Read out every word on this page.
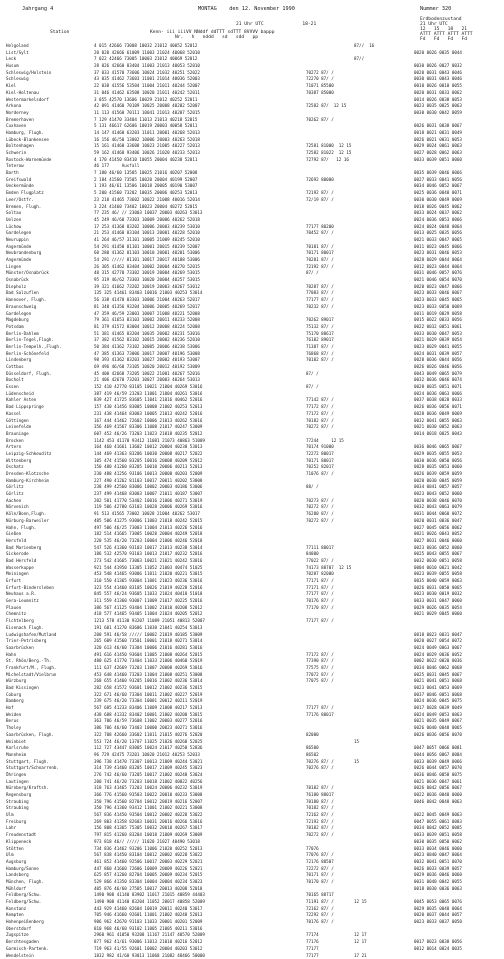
Jahrgang 4	MONTAG    den 12. November 1990	Nummer 320
Erdbodenzustand
21 Uhr UTC
21 Uhr UTC              18-21
12   15   18   21
Station	Kenn- iii iiiVV NNddf ddTTT sdTTT 8VVVV bappp
Nr.   h   nddd   sd   sdd   pp
ATTT ATTT ATTT ATTT
Fd   Fd   Fd   Fd
Helgoland	4 015 42666 73008 10032 21012 40052 52012	87//  16
List/Sylt	20 020 42666 61009 11003 21024 40068 52010	0020 0026 0035 0044
Leck	7 022 42466 73005 10003 21012 40069 52012	87//
Husum	28 026 42660 83404 11003 21013 40053 52010	0030 0026 0027 0032
Schleswig/Holstein	37 033 41570 73606 10024 21032 40251 52022	70272 87/ /	0020 0031 0043 0046
Schleswig	43 035 41462 73603 11001 21014 40036 52003	72270 87/ /	0030 0031 0043 0046
Kiel	22 038 41556 53504 11004 21011 40244 52007	71071 85500	0010 0026 0010 0055
Kiel-Holtenau	31 046 41462 63508 10020 21011 40242 52011	70387 85000	0020 0031 0033 0062
Westermarkelsdorf	3 055 42570 13606 10029 21012 40252 52011	0014 0026 0038 0053
Arkona	42 091 41460 70109 10025 20008 40202 52007	72582 87/  12 15	0023 0035 0025 0063
Norderney	11 113 41560 70111 10041 21013 40207 52015	0030 0030 0042 0059
Bremerhaven	7 129 41470 33404 11013 21013 40218 52015	70262 87/ /
Cuxhaven	5 131 46617 62606 10019 20003 40058 52011	0026 0031 0038 0067
Hamburg, Flugh.	14 147 41460 63203 11011 20001 40268 52013	0018 0021 0031 0049
Lübeck-Blankensee	16 156 46/50 13002 10006 20003 40263 52018	0026 0021 0031 0053
Boltenhagen	15 161 41460 33608 10023 21005 40227 52013	72581 81000  12 15	0029 0024 0061 0063
Schwerin	59 162 41468 93406 10026 21020 40233 52013	72582 81022  12 15	0027 0028 0062 0063
Rostock-Warnemünde	4 170 41450 83410 10055 20004 40238 52011	72792 87/   12 16	0033 0039 0051 0060
Teterow	46 177     Ausfall
Barth	7 180 46/60 13505 10025 21016 40207 52008	0035 0039 0046 0066
Greifswald	2 184 41560 73505 10020 20004 40199 52007	72692 80000	0027 0033 0041 0056
Ueckermünde	1 193 46/61 13506 10018 20005 40190 53007	0034 0046 0052 0067
Emden Flugplatz	5 200 41560 73202 10035 20006 40253 52013	72192 87/ /	0025 0036 0048 0071
Leer/Ostfr.	23 210 41465 73602 10022 21008 40016 52014	72/19 87/ /	0030 0030 0049 0069
Bremen, Flugh.	3 224 41460 73402 10023 20004 40272 52015	0018 0026 0045 0062
Soltau	77 235 46/ // 23003 10037 20003 40263 53013	0033 0024 0037 0062
Uelzen	45 249 46/60 73303 10009 20006 40262 52018	0024 0036 0053 0066
Lüchow	17 253 41360 83202 10006 20003 40239 53010	77177 80200	0024 0024 0048 0064
Gardelegen	21 253 41460 83104 10013 20001 40228 52010	70452 87/ /	0013 0025 0035 0056
Neuruppin	41 264 46/57 31101 10005 21009 40245 52010	0021 0033 0047 0065
Angermünde	54 291 41450 81101 10001 20015 40239 52007	70181 87/ /	0011 0023 0045 0066
Neubrandenburg	60 280 41362 81103 10010 20001 40201 53006	70171 80017	0023 0031 0046 0053
Angermünde	54 291 ///// 81101 10017 20017 40188 53006	70281 87/ /	0028 0029 0044 0064
Lingen	26 305 41462 83404 10002 20004 40270 52015	72192 87/ /	0012 0023 0044 0064
Münster/Osnabrück	48 315 42770 73302 10019 20004 40269 53015	87/ /	0031 0046 0057 0076
Osnabrück	95 319 46/62 73303 10020 20004 40257 53015	0021 0046 0054 0070
Diepholz	39 321 41662 73202 10019 20003 40267 53012	70287 87/ /	0020 0023 0047 0066
Bad Salzuflen	135 325 41461 83403 10016 21003 40253 53014	77083 87/ /	0023 0033 0046 0067
Hannover, Flugh.	56 338 41470 83303 10006 21004 40263 52017	77177 87/ /	0023 0033 0045 0065
Braunschweig	81 348 41356 93204 10006 20005 40269 52017	70232 87/ /	0023 0033 0050 0069
Gardelegen	47 359 46/59 23003 10007 21008 40221 52008	0011 0019 0029 0058
Magdeburg	79 361 41653 83103 10002 20011 40233 52008	70262 89017	0015 0022 0033 0056
Potsdam	81 379 41572 83004 10012 20008 40224 52008	75132 87/ /	0022 0032 0051 0061
Berlin-Dahlem	51 381 41465 83204 10035 20002 40231 53016	75170 88617	0033 0030 0047 0053
Berlin-Tegel,Flugh.	37 382 41562 83102 10015 20002 40236 52010	76182 89017	0021 0029 0039 0054
Berlin-Tempelh.,Flugh.	50 384 41362 73102 10005 20006 40238 53006	71387 87/ /	0023 0029 0041 0055
Berlin-Schönefeld	47 385 41363 73006 10017 20007 40196 53008	76868 87/ /	0024 0031 0039 0057
Lindenberg	98 393 41362 83203 10027 20002 40193 53007	70182 87/ /	0028 0036 0044 0056
Cottbus	69 496 46/60 73105 10020 20012 40192 53009	0026 0026 0046 0056
Düsseldorf, Flugh.	45 400 42668 73205 10022 21001 40267 52016	87/ /	0043 0049 0065 0079
Bocholt	21 406 42670 73203 10027 20003 40264 53013	0032 0036 0046 0074
Essen	152 410 42770 83105 10021 21004 40269 53016	87/ /	0028 0035 0051 0071
Lüdenscheid	387 419 46/59 23203 11001 21004 40261 53016	0024 0036 0063 0066
Kahler Asten	839 427 41725 83605 11041 21016 40462 52016	77142 87/ /	0037 0038 0028 0033
Bad Lippspringe	157 430 41456 83005 10008 21002 40253 52013	77172 87/ /	0026 0036 0056 0071
Kassel	231 438 41464 83003 10005 21013 40242 52016	77172 87/ /	0028 0036 0049 0069
Göttingen	167 444 41462 72602 10006 21013 40262 53016	70182 87/ /	0032 0041 0055 0063
Leinefelde	356 469 41567 83306 11008 21017 40247 53009	70272 87/ /	0021 0030 0052 0063
Brauniage	607 452 46/26 73203 11023 21018 40235 52012	0014 0018 0025 0043
Brocken	1142 453 41170 93412 11081 21073 40863 51009	77244     12 15
Artern	164 460 41661 13602 10012 20004 40238 53013	70174 91000	0036 0046 0065 0067
Leipzig-Schkeuditz	144 469 41363 83206 10030 20008 40217 52022	72272 80017	0029 0035 0055 0053
Wittenberg	105 474 41560 83205 10016 20008 40209 52012	70171 80017	0030 0036 0050 0056
Oschatz	150 480 41260 83205 10010 20006 40213 52013	70252 82017	0028 0035 0053 0060
Dresden-Klotzsche	230 488 41256 93106 10013 20008 40203 52009	71076 87/ /	0026 0039 0059 0059
Hamburg-Kirchheim	227 490 41262 81103 10017 20011 40202 53008	0020 0030 0045 0059
Görlitz	238 499 42560 83006 10002 20003 40186 53006	88/ /	0034 0041 0057 0057
Görlitz	237 499 41468 83003 10007 21011 40187 53007	0023 0043 0052 0060
Aachen	202 501 41770 53402 10016 21006 40271 53019	70273 87/ /	0020 0038 0046 0070
Nörvenich	119 506 42780 63103 10028 20006 40269 53016	70272 87/ /	0032 0043 0063 0079
Köln/Bonn,Flugh.	91 513 41565 73002 10028 21004 40262 53017	76280 87/ /	0031 0044 0060 0072
Nürburg-Barweiler	485 506 41275 93006 11003 21018 40242 52015	70272 87/ /	0020 0031 0036 0047
Hahn, Flugh.	497 506 46/25 73003 11004 21013 40226 52016	0027 0045 0056 0062
Gießen	182 514 41665 73005 10028 20004 40249 52018	0021 0026 0043 0052
Hersfeld	220 535 46/20 73203 10004 21006 40246 52018	0027 0031 0046 0060
Bad Marienberg	547 526 41360 93103 10017 21013 40238 53014	77111 88017	0023 0036 0052 0060
Sickerode	186 532 42570 93103 10013 21017 40232 52016	84000	0025 0043 0055 0067
Bad Hersfeld	273 542 41665 73003 10021 21021 40242 53016	77022 87/ /	0032 0030 0051 0058
Wasserkuppe	921 544 41950 13305 11052 21003 40474 51025	74173 88707  12 15	0004 0010 0021 0042
Meiningen	453 548 41465 93006 11011 21020 40221 53015	70287 82000	0023 0039 0055 0058
Erfurt	310 550 41365 93004 11001 21023 40236 53016	77171 87/ /	0035 0040 0059 0063
Erfurt-Bindersleben	323 554 41460 83105 10026 21019 40228 52016	77171 87/ /	0026 0031 0050 0065
Neuhaus a.R.	845 557 46/24 93605 11033 21024 40418 51018	77177 87/ /	0023 0030 0019 0032
Gera-Leumnitz	311 559 41360 93007 11009 21017 40225 52016	70176 87/ /	0033 0031 0047 0060
Plauen	386 567 41125 93404 11002 21010 40208 52012	77170 87/ /	0029 0026 0035 0054
Chemnitz	418 577 41465 93405 11004 21024 40205 52012	0021 0029 0045 0060
Fichtelberg	1213 578 41130 93207 11089 21051 40813 52007	77177 87/ /
Eisenach Flugh.	191 601 41270 83606 11030 21041 40254 53013
Ludwigshafen/Mutland	200 591 46/58 ///// 10002 21019 40185 53009	0018 0023 0031 0047
Trier-Petrisberg	265 609 41560 73501 10001 21018 40271 53014	0020 0027 0054 0072
Saarbrücken	320 613 46/60 73304 10006 21016 40281 53016	0024 0049 0063 0067
Hahn	491 616 41450 93604 11005 21008 40264 52015	77172 87/ /	0024 0029 0036 0052
St. Rhön/Berg.-Th.	480 625 41770 73404 11033 21006 40460 52019	77390 87/ /	0002 0022 0020 0036
Frankfurt/M., Flugh.	111 637 42669 73203 11007 20008 40269 53016	77575 87/ /	0034 0046 0062 0068
Michelstadt/Vielbrun	453 648 41460 73203 11004 21008 40251 53008	77072 87/ /	0025 0031 0045 0067
Würzburg	268 655 41460 93205 10016 21002 40236 53014	77075 87/ /	0021 0041 0051 0068
Bad Kissingen	282 658 41572 93601 10012 21002 40236 52015	0023 0041 0053 0069
Coburg	322 671 46/60 73304 10011 21002 40227 52019	0037 0046 0051 0068
Bamberg	239 675 46/20 73304 10001 20012 40211 52019	0024 0036 0045 0075
Hof	567 685 41233 83406 11009 21008 40217 52013	77177 87/ /	0017 0028 0039 0049
Weiden	438 688 41332 83402 10001 21002 40208 53015	77176 88017	0024 0049 0053 0063
Berus	363 706 46/59 73608 11002 20003 40277 52016	0021 0035 0049 0067
Tholey	386 706 46/60 73403 10000 20023 40271 53016	0026 0040 0048 0065
Saarbrücken, Flugh.	322 708 42660 33602 11011 21015 40276 52020	82000	0026 0036 0056 0070
Weinbiet	553 724 46/20 13707 11025 21026 40268 52025	15
Karlsruhe	112 727 43447 83005 10024 21017 40250 52036	86500	0047 0057 0066 0081
Mannheim	96 729 42475 73201 10020 21012 40253 52033	86502	0044 0056 0067 0084
Stuttgart, Flugh.	396 738 41470 73307 10013 21009 40244 53021	70276 87/ /	15	0033 0039 0049 0066
Stuttgart/Schnarrenb.	314 739 41460 83205 10017 21009 40245 53023	70276 87/ /	0026 0044 0057 0070
Öhringen	276 742 46/60 73205 10017 21002 40248 53024	0036 0046 0058 0075
Lautingen	200 741 46/20 73203 10018 21002 40022 40256	0021 0036 0047 0061
Nürnberg/Kraftsh.	318 763 41465 73203 10024 20006 40232 53019	70182 87/ /	0026 0042 0056 0067
Regensburg	366 776 41560 93503 10022 20010 40233 53008	76180 88017	0022 0036 0048 0060
Straubing	350 796 41560 82704 10012 20019 40216 52007	70180 87/ /	0046 0042 0048 0063
Straubing	350 796 41360 93412 11001 21002 40221 53008	70182 87/ /
Ulm	567 836 41450 93504 10012 20002 40228 53022	72162 87/ /	0022 0045 0049 0063
Freiburg	269 803 41358 82603 10031 20016 40266 53016	72192 87/ /	0047 0055 0061 0083
Lahr	156 808 41365 75305 10032 20010 40267 53017	70182 87/ /	0034 0042 0052 0085
Freudenstadt	797 815 41260 83204 10018 21009 40269 53009	70272 87/ /	0033 0039 0051 0058
Klippeneck	973 818 46// ///// 11020 21027 40490 53018	0030 0035 0050 0062
Stötten	734 836 41462 93206 11006 21020 40252 52013	77076	0033 0034 0046 0060
Ulm	567 838 41450 83104 10012 20002 40228 53022	77076 87/ /	0023 0040 0047 0064
Augsburg	461 852 41460 92506 10017 20003 40229 52021	72176 88507	0032 0041 0051 0070
Hamburg/Sonne	447 860 41660 72606 10009 20009 40226 52021	72272 87/ /	0026 0033 0039 0057
Landsberg	625 857 41260 82704 10005 20009 40234 52015	70171 87/ /	0029 0036 0046 0060
München, Flugh.	529 866 41350 83304 10004 20004 40234 53023	70170 87/ /	0031 0040 0042 0055
Mühldorf	405 876 46/60 27505 10017 20013 40208 52018	0018 0030 0036 0063
Feldberg/Schw.	1490 908 41140 83902 11017 21015 40859 44403	70165 88717
Feldberg/Schw.	1490 908 41140 83204 11052 20017 40858 52009	71191 87/ /	12 15	0045 0053 0065 0076
Konstanz	443 929 41460 82604 10019 20011 40240 53017	72162 87/ /	0029 0035 0048 0064
Kempten	705 946 41660 92601 11001 21002 40248 52013	72292 87/ /	0020 0037 0044 0057
Hohenpeißenberg	986 962 42670 91103 11033 20001 40201 52009	70176 87/ /	0023 0033 0037 0050
Oberstdorf	810 968 46/60 93102 11005 21005 40211 53016
Zugspitze	2960 961 41050 93208 11167 21147 40570 52009	77174	12 17
Berchtesgaden	877 962 41/61 93006 11013 21010 40216 52012	77176	12 17	0017 0023 0038 0056
Garmisch-Partenk.	719 963 41/55 92601 10002 20004 40203 53012	77177	0012 0014 0024 0035
Wendelstein	1832 982 41/60 93013 11068 21082 48466 50000	77177	17 21
